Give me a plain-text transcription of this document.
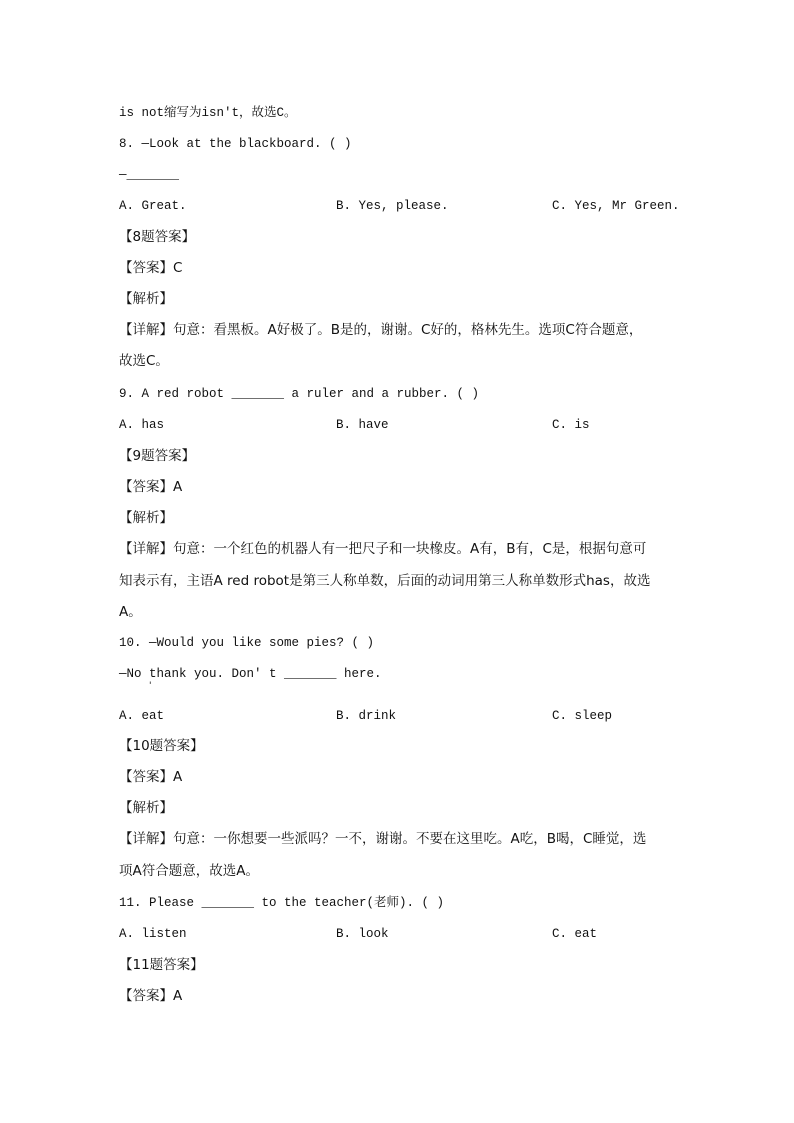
is not缩写为isn't，故选C。
8. —Look at the blackboard. ( )
—_______
A. Great.	B. Yes, please.	C. Yes, Mr Green.
【8题答案】
【答案】C
【解析】
【详解】句意：看黑板。A好极了。B是的，谢谢。C好的，格林先生。选项C符合题意，
故选C。
9. A red robot _______ a ruler and a rubber. ( )
A. has	B. have	C. is
【9题答案】
【答案】A
【解析】
【详解】句意：一个红色的机器人有一把尺子和一块橡皮。A有，B有，C是，根据句意可
知表示有，主语A red robot是第三人称单数，后面的动词用第三人称单数形式has，故选
A。
10. —Would you like some pies? ( )
—No thank you. Don' t _______ here.
'
A. eat	B. drink	C. sleep
【10题答案】
【答案】A
【解析】
【详解】句意：一你想要一些派吗？一不，谢谢。不要在这里吃。A吃，B喝，C睡觉，选
项A符合题意，故选A。
11. Please _______ to the teacher(老师). ( )
A. listen	B. look	C. eat
【11题答案】
【答案】A
